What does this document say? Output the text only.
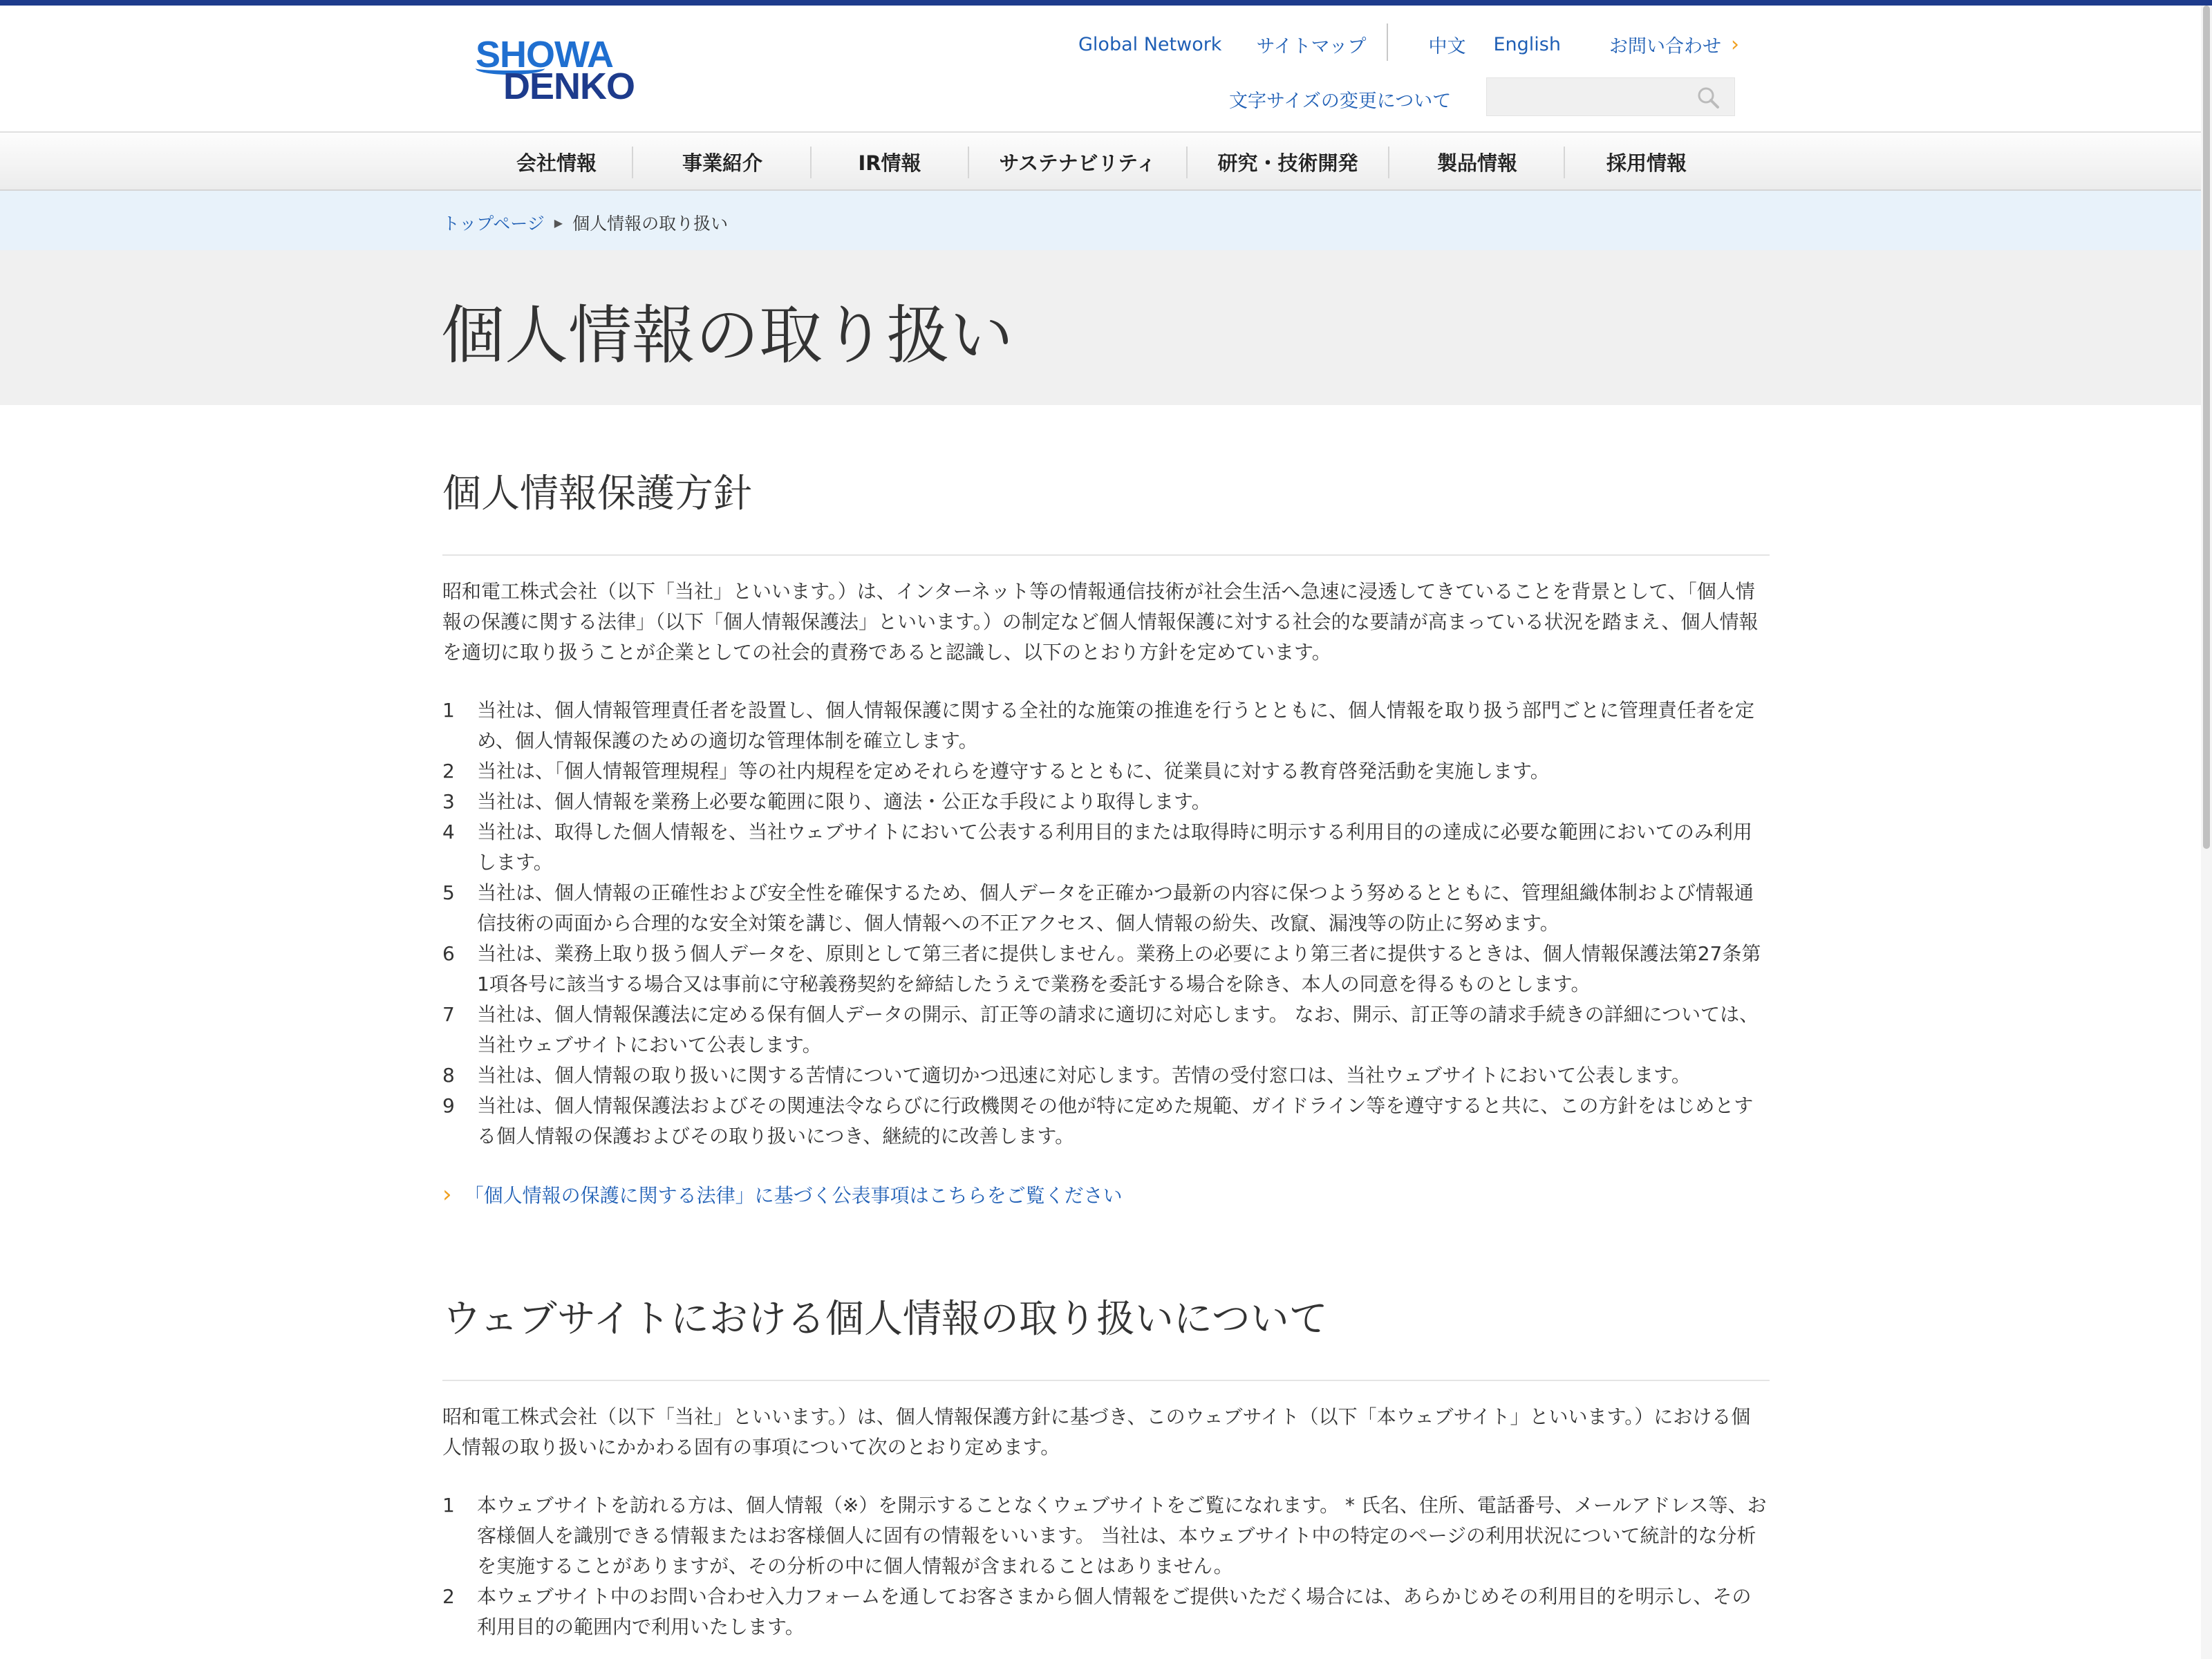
SHOWA
DENKO
Global Network サイトマップ	中文 English	お問い合わせ ›
文字サイズの変更について
会社情報	事業紹介	IR情報	サステナビリティ	研究・技術開発	製品情報	採用情報
トップページ ▶ 個人情報の取り扱い
個人情報の取り扱い
個人情報保護方針

昭和電工株式会社（以下「当社」といいます。）は、インターネット等の情報通信技術が社会生活へ急速に浸透してきていることを背景として、「個人情報の保護に関する法律」（以下「個人情報保護法」といいます。）の制定など個人情報保護に対する社会的な要請が高まっている状況を踏まえ、個人情報を適切に取り扱うことが企業としての社会的責務であると認識し、以下のとおり方針を定めています。

1 当社は、個人情報管理責任者を設置し、個人情報保護に関する全社的な施策の推進を行うとともに、個人情報を取り扱う部門ごとに管理責任者を定め、個人情報保護のための適切な管理体制を確立します。
2 当社は、「個人情報管理規程」等の社内規程を定めそれらを遵守するとともに、従業員に対する教育啓発活動を実施します。
3 当社は、個人情報を業務上必要な範囲に限り、適法・公正な手段により取得します。
4 当社は、取得した個人情報を、当社ウェブサイトにおいて公表する利用目的または取得時に明示する利用目的の達成に必要な範囲においてのみ利用します。
5 当社は、個人情報の正確性および安全性を確保するため、個人データを正確かつ最新の内容に保つよう努めるとともに、管理組織体制および情報通信技術の両面から合理的な安全対策を講じ、個人情報への不正アクセス、個人情報の紛失、改竄、漏洩等の防止に努めます。
6 当社は、業務上取り扱う個人データを、原則として第三者に提供しません。業務上の必要により第三者に提供するときは、個人情報保護法第27条第1項各号に該当する場合又は事前に守秘義務契約を締結したうえで業務を委託する場合を除き、本人の同意を得るものとします。
7 当社は、個人情報保護法に定める保有個人データの開示、訂正等の請求に適切に対応します。 なお、開示、訂正等の請求手続きの詳細については、当社ウェブサイトにおいて公表します。
8 当社は、個人情報の取り扱いに関する苦情について適切かつ迅速に対応します。苦情の受付窓口は、当社ウェブサイトにおいて公表します。
9 当社は、個人情報保護法およびその関連法令ならびに行政機関その他が特に定めた規範、ガイドライン等を遵守すると共に、この方針をはじめとする個人情報の保護およびその取り扱いにつき、継続的に改善します。
› 「個人情報の保護に関する法律」に基づく公表事項はこちらをご覧ください
ウェブサイトにおける個人情報の取り扱いについて

昭和電工株式会社（以下「当社」といいます。）は、個人情報保護方針に基づき、このウェブサイト（以下「本ウェブサイト」といいます。）における個人情報の取り扱いにかかわる固有の事項について次のとおり定めます。

1 本ウェブサイトを訪れる方は、個人情報（※）を開示することなくウェブサイトをご覧になれます。 * 氏名、住所、電話番号、メールアドレス等、お客様個人を識別できる情報またはお客様個人に固有の情報をいいます。 当社は、本ウェブサイト中の特定のページの利用状況について統計的な分析を実施することがありますが、その分析の中に個人情報が含まれることはありません。
2 本ウェブサイト中のお問い合わせ入力フォームを通してお客さまから個人情報をご提供いただく場合には、あらかじめその利用目的を明示し、その利用目的の範囲内で利用いたします。
